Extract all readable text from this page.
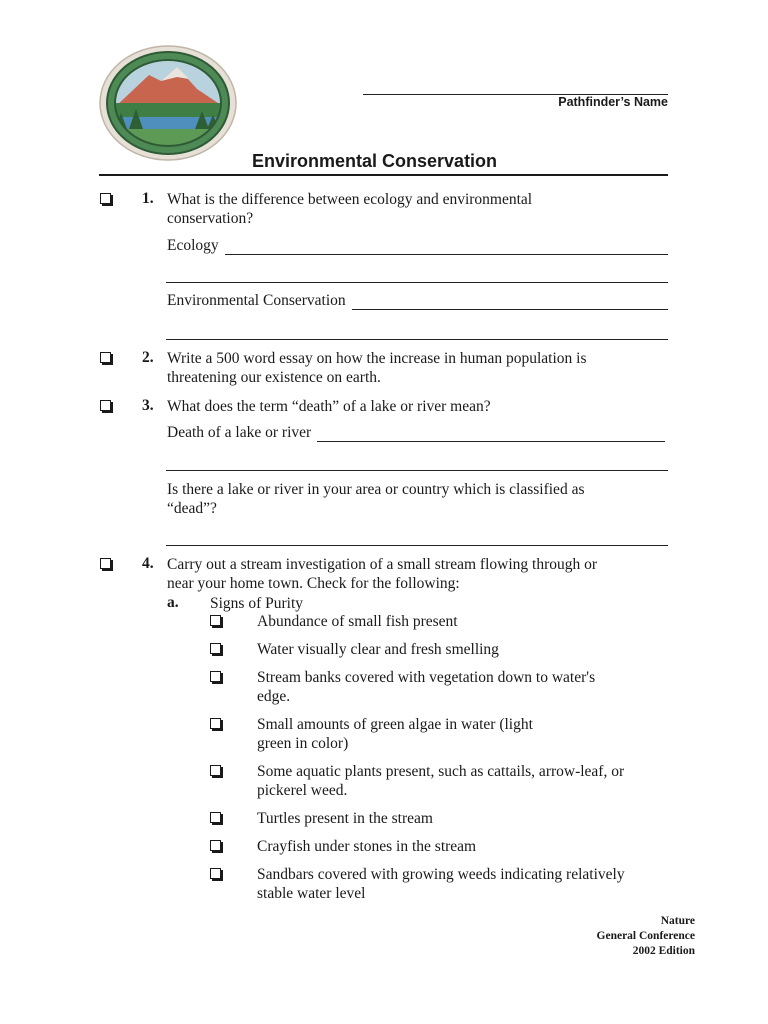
Pathfinder’s Name
Environmental Conservation
1. What is the difference between ecology and environmental
conservation?
Ecology
Environmental Conservation
2. Write a 500 word essay on how the increase in human population is
threatening our existence on earth.
3. What does the term “death” of a lake or river mean?
Death of a lake or river
Is there a lake or river in your area or country which is classified as
“dead”?
4. Carry out a stream investigation of a small stream flowing through or
near your home town. Check for the following:
a. Signs of Purity
Abundance of small fish present
Water visually clear and fresh smelling
Stream banks covered with vegetation down to water's
edge.
Small amounts of green algae in water (light
green in color)
Some aquatic plants present, such as cattails, arrow-leaf, or
pickerel weed.
Turtles present in the stream
Crayfish under stones in the stream
Sandbars covered with growing weeds indicating relatively
stable water level
Nature
General Conference
2002 Edition
